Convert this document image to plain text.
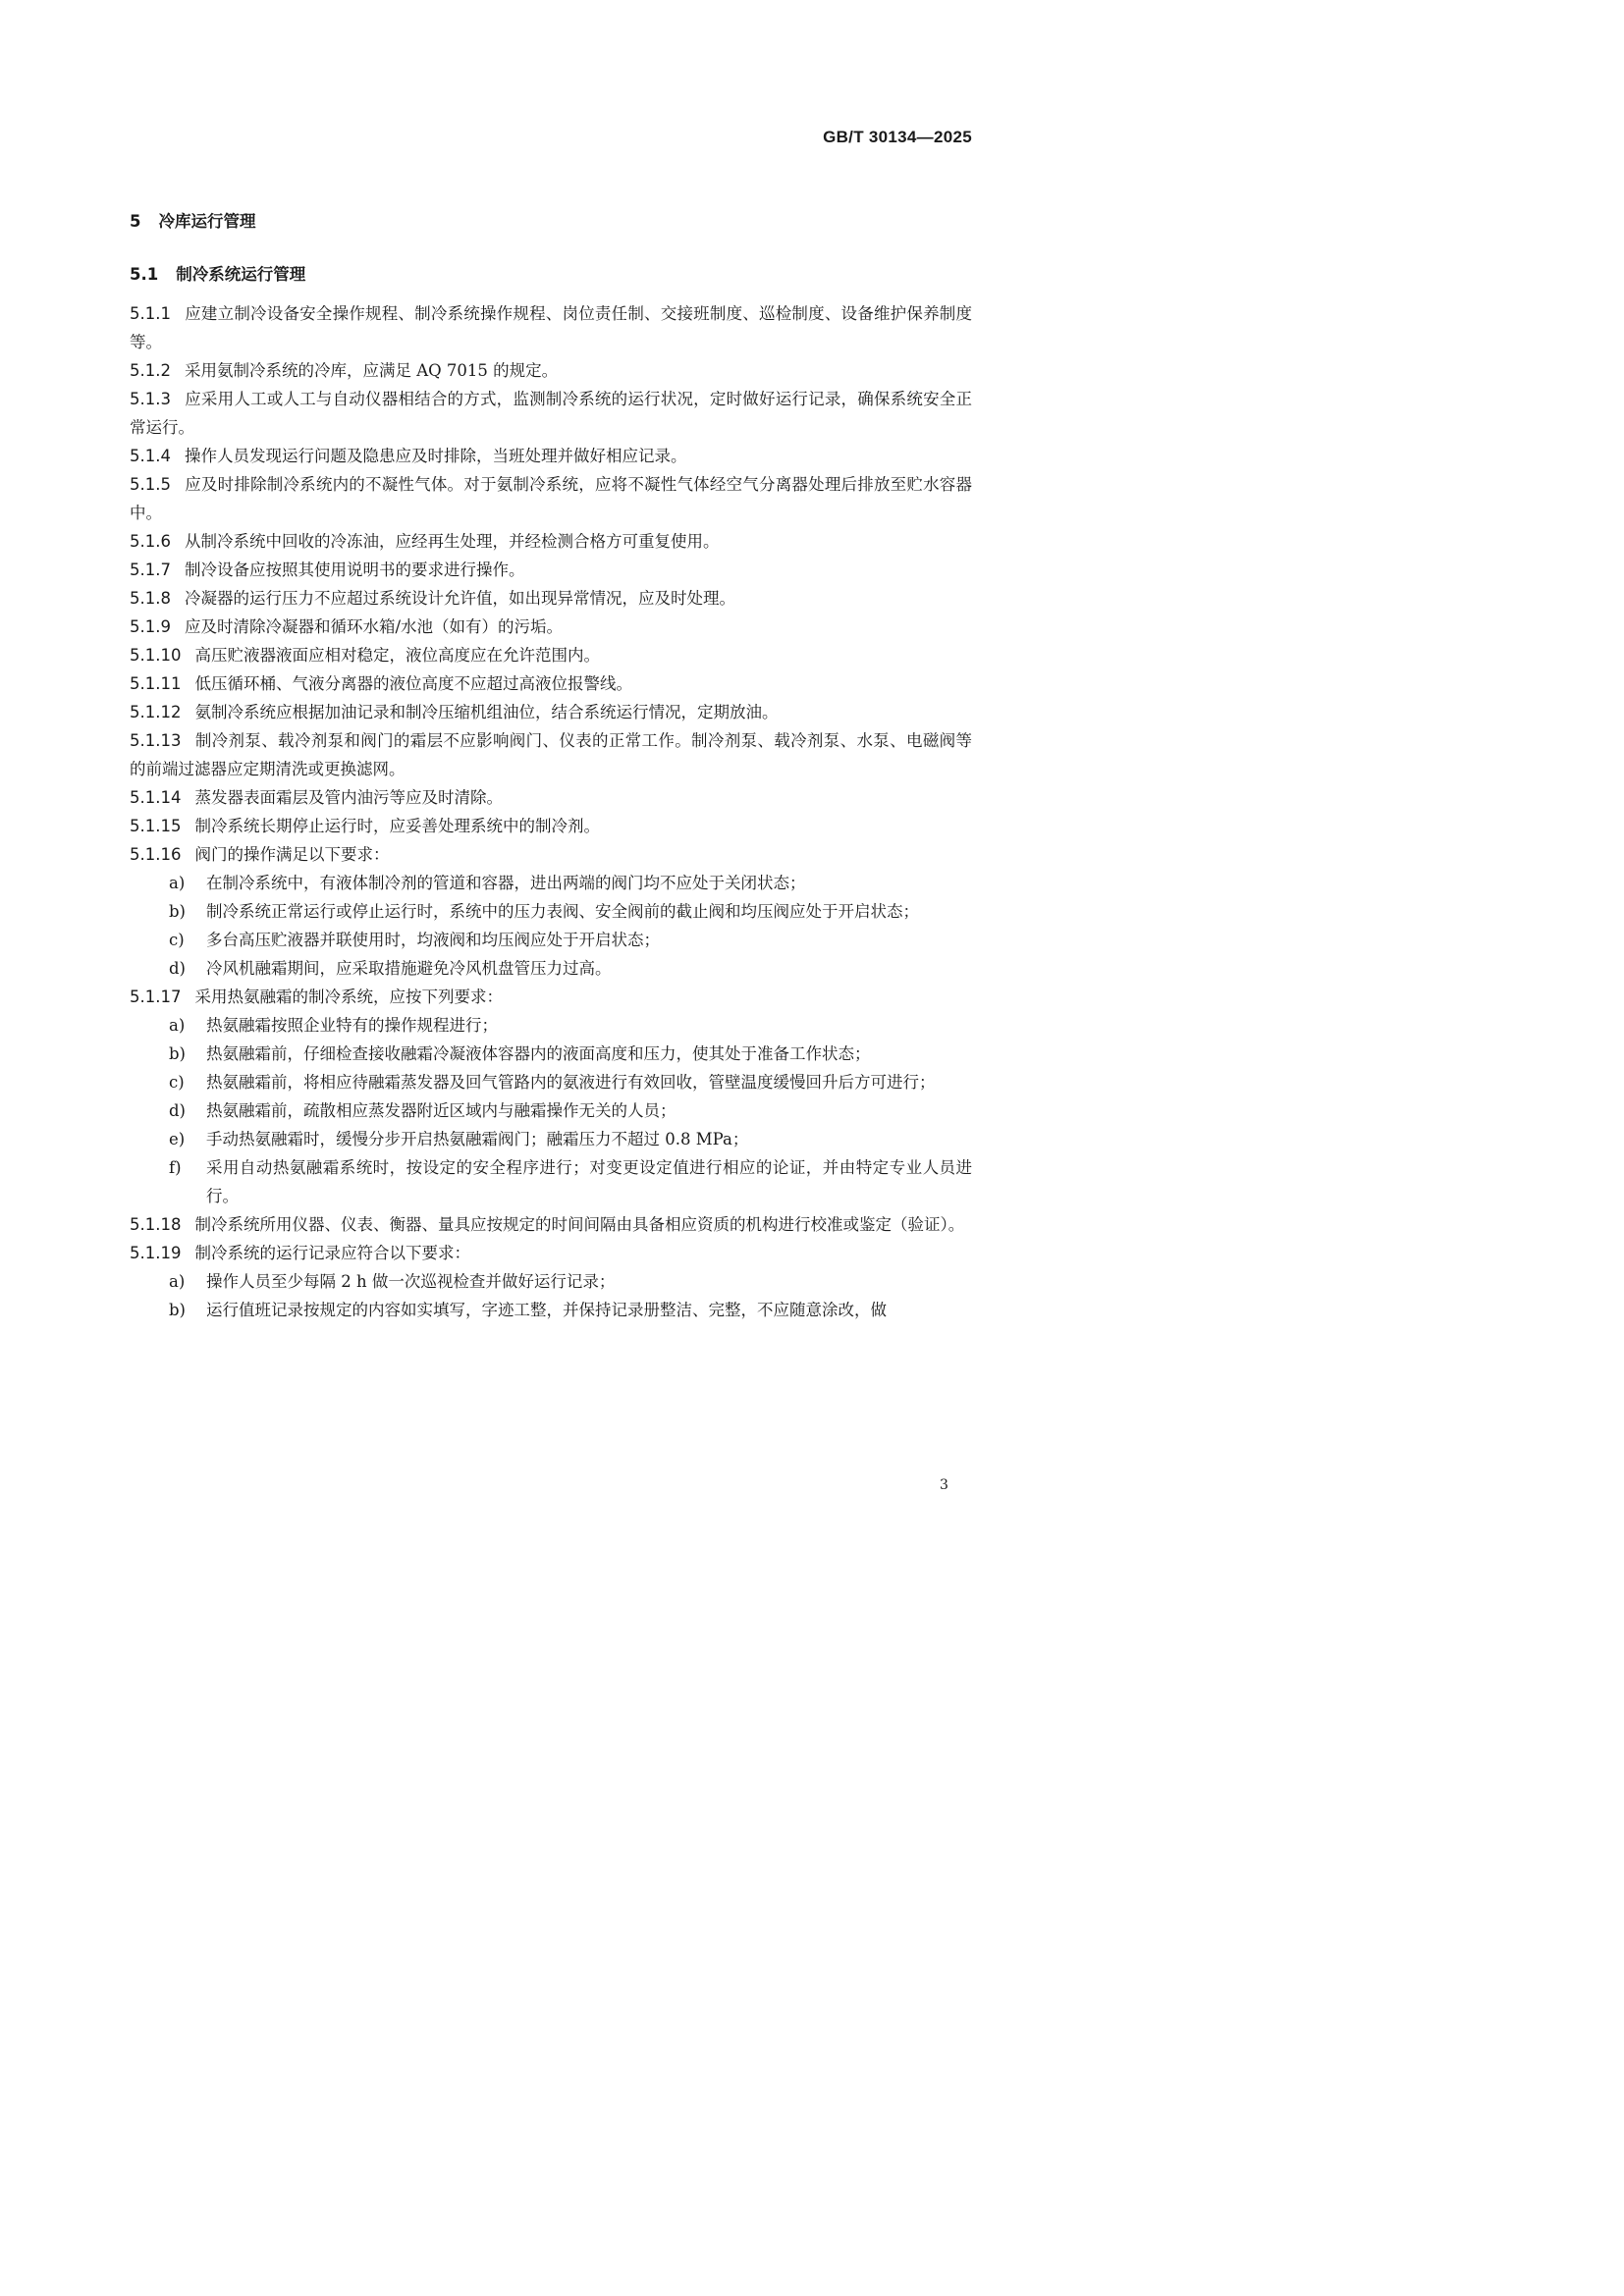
GB/T 30134—2025
5 冷库运行管理
5.1 制冷系统运行管理
5.1.1 应建立制冷设备安全操作规程、制冷系统操作规程、岗位责任制、交接班制度、巡检制度、设备维护保养制度等。
5.1.2 采用氨制冷系统的冷库，应满足 AQ 7015 的规定。
5.1.3 应采用人工或人工与自动仪器相结合的方式，监测制冷系统的运行状况，定时做好运行记录，确保系统安全正常运行。
5.1.4 操作人员发现运行问题及隐患应及时排除，当班处理并做好相应记录。
5.1.5 应及时排除制冷系统内的不凝性气体。对于氨制冷系统，应将不凝性气体经空气分离器处理后排放至贮水容器中。
5.1.6 从制冷系统中回收的冷冻油，应经再生处理，并经检测合格方可重复使用。
5.1.7 制冷设备应按照其使用说明书的要求进行操作。
5.1.8 冷凝器的运行压力不应超过系统设计允许值，如出现异常情况，应及时处理。
5.1.9 应及时清除冷凝器和循环水箱/水池（如有）的污垢。
5.1.10 高压贮液器液面应相对稳定，液位高度应在允许范围内。
5.1.11 低压循环桶、气液分离器的液位高度不应超过高液位报警线。
5.1.12 氨制冷系统应根据加油记录和制冷压缩机组油位，结合系统运行情况，定期放油。
5.1.13 制冷剂泵、载冷剂泵和阀门的霜层不应影响阀门、仪表的正常工作。制冷剂泵、载冷剂泵、水泵、电磁阀等的前端过滤器应定期清洗或更换滤网。
5.1.14 蒸发器表面霜层及管内油污等应及时清除。
5.1.15 制冷系统长期停止运行时，应妥善处理系统中的制冷剂。
5.1.16 阀门的操作满足以下要求：
a) 在制冷系统中，有液体制冷剂的管道和容器，进出两端的阀门均不应处于关闭状态；
b) 制冷系统正常运行或停止运行时，系统中的压力表阀、安全阀前的截止阀和均压阀应处于开启状态；
c) 多台高压贮液器并联使用时，均液阀和均压阀应处于开启状态；
d) 冷风机融霜期间，应采取措施避免冷风机盘管压力过高。
5.1.17 采用热氨融霜的制冷系统，应按下列要求：
a) 热氨融霜按照企业特有的操作规程进行；
b) 热氨融霜前，仔细检查接收融霜冷凝液体容器内的液面高度和压力，使其处于准备工作状态；
c) 热氨融霜前，将相应待融霜蒸发器及回气管路内的氨液进行有效回收，管壁温度缓慢回升后方可进行；
d) 热氨融霜前，疏散相应蒸发器附近区域内与融霜操作无关的人员；
e) 手动热氨融霜时，缓慢分步开启热氨融霜阀门；融霜压力不超过 0.8 MPa；
f) 采用自动热氨融霜系统时，按设定的安全程序进行；对变更设定值进行相应的论证，并由特定专业人员进行。
5.1.18 制冷系统所用仪器、仪表、衡器、量具应按规定的时间间隔由具备相应资质的机构进行校准或鉴定（验证）。
5.1.19 制冷系统的运行记录应符合以下要求：
a) 操作人员至少每隔 2 h 做一次巡视检查并做好运行记录；
b) 运行值班记录按规定的内容如实填写，字迹工整，并保持记录册整洁、完整，不应随意涂改，做
3
